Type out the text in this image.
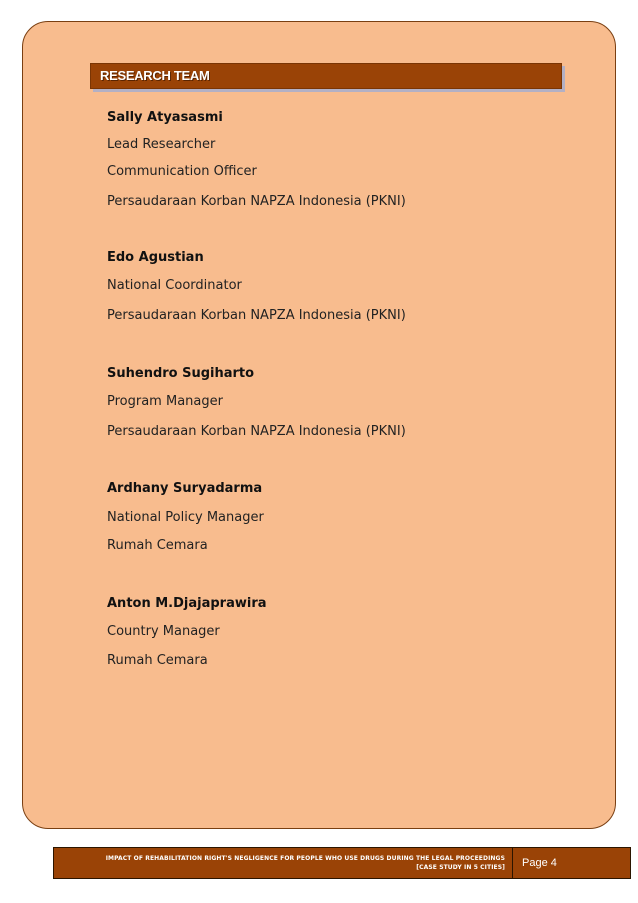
RESEARCH TEAM
Sally Atyasasmi
Lead Researcher
Communication Officer
Persaudaraan Korban NAPZA Indonesia (PKNI)
Edo Agustian
National Coordinator
Persaudaraan Korban NAPZA Indonesia (PKNI)
Suhendro Sugiharto
Program Manager
Persaudaraan Korban NAPZA Indonesia (PKNI)
Ardhany Suryadarma
National Policy Manager
Rumah Cemara
Anton M.Djajaprawira
Country Manager
Rumah Cemara
IMPACT OF REHABILITATION RIGHT'S NEGLIGENCE FOR PEOPLE WHO USE DRUGS DURING THE LEGAL PROCEEDINGS
[CASE STUDY IN 5 CITIES] Page 4
